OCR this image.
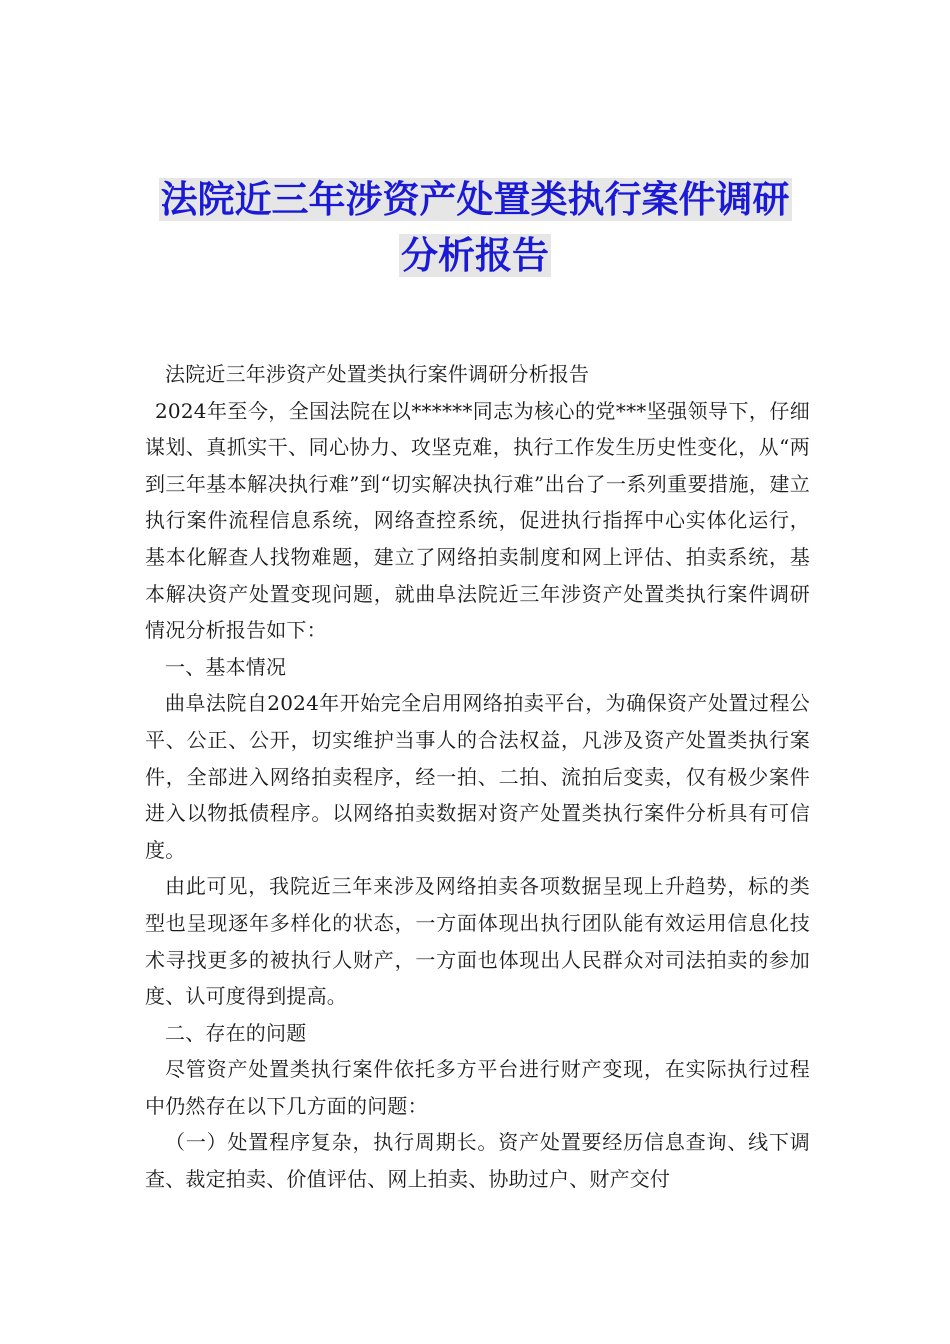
法院近三年涉资产处置类执行案件调研
分析报告

法院近三年涉资产处置类执行案件调研分析报告

2024年至今，全国法院在以******同志为核心的党***坚强领导下，仔细谋划、真抓实干、同心协力、攻坚克难，执行工作发生历史性变化，从“两到三年基本解决执行难”到“切实解决执行难”出台了一系列重要措施，建立执行案件流程信息系统，网络查控系统，促进执行指挥中心实体化运行，基本化解查人找物难题，建立了网络拍卖制度和网上评估、拍卖系统，基本解决资产处置变现问题，就曲阜法院近三年涉资产处置类执行案件调研情况分析报告如下：

一、基本情况

曲阜法院自2024年开始完全启用网络拍卖平台，为确保资产处置过程公平、公正、公开，切实维护当事人的合法权益，凡涉及资产处置类执行案件，全部进入网络拍卖程序，经一拍、二拍、流拍后变卖，仅有极少案件进入以物抵债程序。以网络拍卖数据对资产处置类执行案件分析具有可信度。

由此可见，我院近三年来涉及网络拍卖各项数据呈现上升趋势，标的类型也呈现逐年多样化的状态，一方面体现出执行团队能有效运用信息化技术寻找更多的被执行人财产，一方面也体现出人民群众对司法拍卖的参加度、认可度得到提高。

二、存在的问题

尽管资产处置类执行案件依托多方平台进行财产变现，在实际执行过程中仍然存在以下几方面的问题：

（一）处置程序复杂，执行周期长。资产处置要经历信息查询、线下调查、裁定拍卖、价值评估、网上拍卖、协助过户、财产交付
